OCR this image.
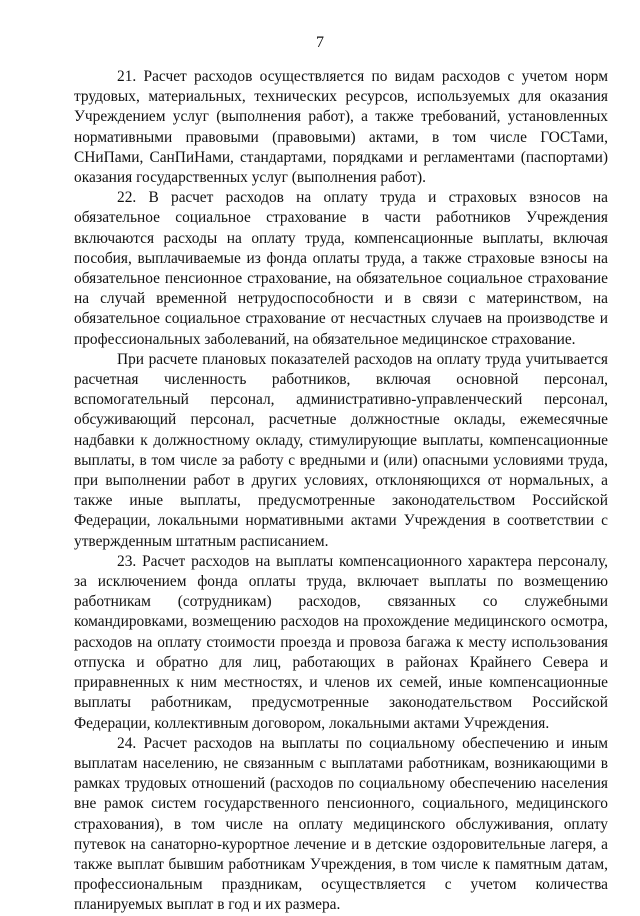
7

21. Расчет расходов осуществляется по видам расходов с учетом норм трудовых, материальных, технических ресурсов, используемых для оказания Учреждением услуг (выполнения работ), а также требований, установленных нормативными правовыми (правовыми) актами, в том числе ГОСТами, СНиПами, СанПиНами, стандартами, порядками и регламентами (паспортами) оказания государственных услуг (выполнения работ).

22. В расчет расходов на оплату труда и страховых взносов на обязательное социальное страхование в части работников Учреждения включаются расходы на оплату труда, компенсационные выплаты, включая пособия, выплачиваемые из фонда оплаты труда, а также страховые взносы на обязательное пенсионное страхование, на обязательное социальное страхование на случай временной нетрудоспособности и в связи с материнством, на обязательное социальное страхование от несчастных случаев на производстве и профессиональных заболеваний, на обязательное медицинское страхование.

При расчете плановых показателей расходов на оплату труда учитывается расчетная численность работников, включая основной персонал, вспомогательный персонал, административно-управленческий персонал, обсуживающий персонал, расчетные должностные оклады, ежемесячные надбавки к должностному окладу, стимулирующие выплаты, компенсационные выплаты, в том числе за работу с вредными и (или) опасными условиями труда, при выполнении работ в других условиях, отклоняющихся от нормальных, а также иные выплаты, предусмотренные законодательством Российской Федерации, локальными нормативными актами Учреждения в соответствии с утвержденным штатным расписанием.

23. Расчет расходов на выплаты компенсационного характера персоналу, за исключением фонда оплаты труда, включает выплаты по возмещению работникам (сотрудникам) расходов, связанных со служебными командировками, возмещению расходов на прохождение медицинского осмотра, расходов на оплату стоимости проезда и провоза багажа к месту использования отпуска и обратно для лиц, работающих в районах Крайнего Севера и приравненных к ним местностях, и членов их семей, иные компенсационные выплаты работникам, предусмотренные законодательством Российской Федерации, коллективным договором, локальными актами Учреждения.

24. Расчет расходов на выплаты по социальному обеспечению и иным выплатам населению, не связанным с выплатами работникам, возникающими в рамках трудовых отношений (расходов по социальному обеспечению населения вне рамок систем государственного пенсионного, социального, медицинского страхования), в том числе на оплату медицинского обслуживания, оплату путевок на санаторно-курортное лечение и в детские оздоровительные лагеря, а также выплат бывшим работникам Учреждения, в том числе к памятным датам, профессиональным праздникам, осуществляется с учетом количества планируемых выплат в год и их размера.
